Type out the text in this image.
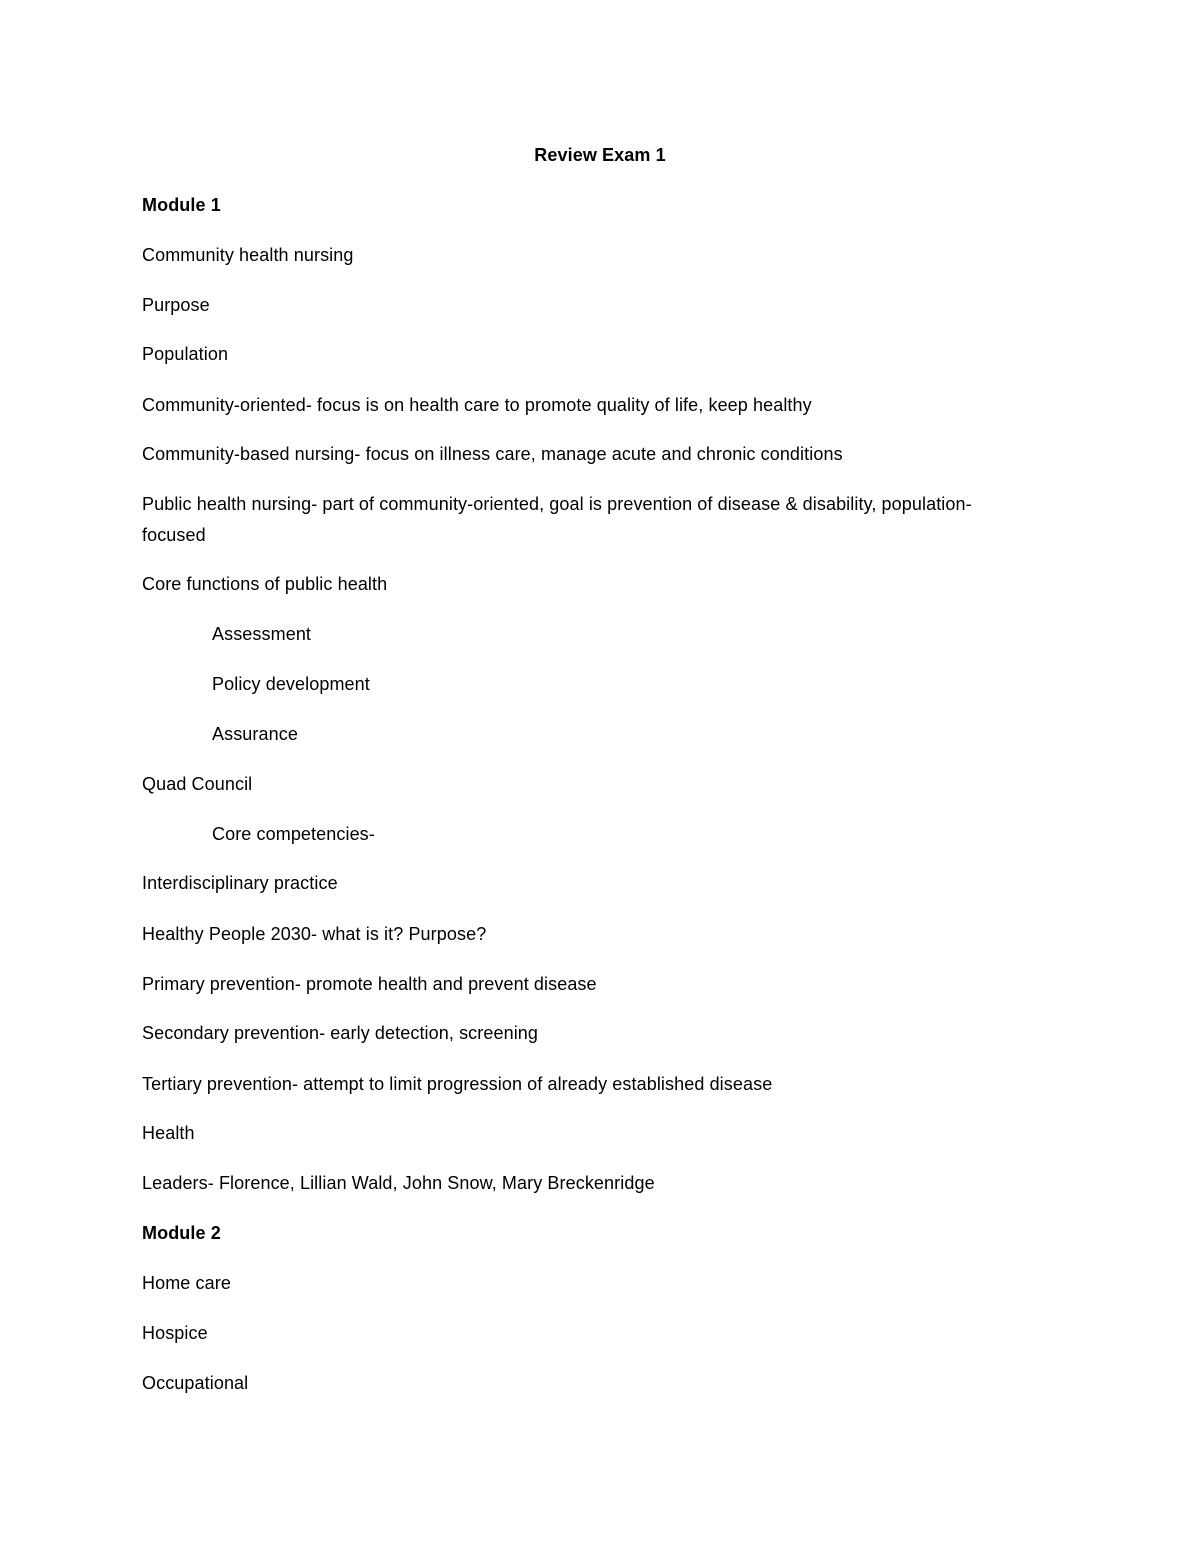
Review Exam 1
Module 1
Community health nursing
Purpose
Population
Community-oriented- focus is on health care to promote quality of life, keep healthy
Community-based nursing- focus on illness care, manage acute and chronic conditions
Public health nursing- part of community-oriented, goal is prevention of disease & disability, population-
focused
Core functions of public health
Assessment
Policy development
Assurance
Quad Council
Core competencies-
Interdisciplinary practice
Healthy People 2030- what is it? Purpose?
Primary prevention- promote health and prevent disease
Secondary prevention- early detection, screening
Tertiary prevention- attempt to limit progression of already established disease
Health
Leaders- Florence, Lillian Wald, John Snow, Mary Breckenridge
Module 2
Home care
Hospice
Occupational
